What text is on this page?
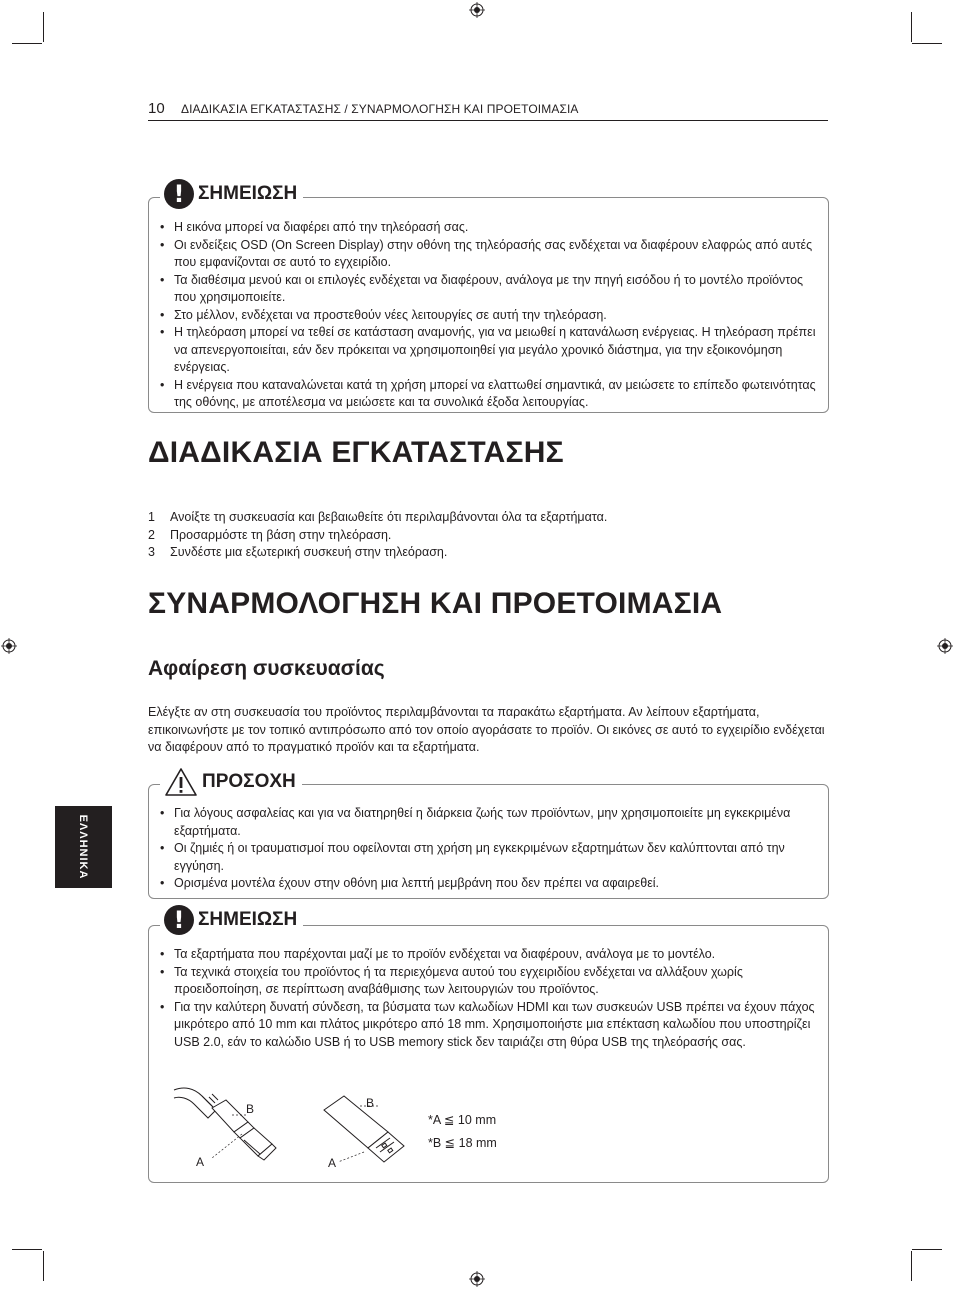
10 ΔΙΑΔΙΚΑΣΙΑ ΕΓΚΑΤΑΣΤΑΣΗΣ / ΣΥΝΑΡΜΟΛΟΓΗΣΗ ΚΑΙ ΠΡΟΕΤΟΙΜΑΣΙΑ
! ΣΗΜΕΙΩΣΗ
• Η εικόνα μπορεί να διαφέρει από την τηλεόρασή σας.
• Οι ενδείξεις OSD (On Screen Display) στην οθόνη της τηλεόρασής σας ενδέχεται να διαφέρουν ελαφρώς από αυτές που εμφανίζονται σε αυτό το εγχειρίδιο.
• Τα διαθέσιμα μενού και οι επιλογές ενδέχεται να διαφέρουν, ανάλογα με την πηγή εισόδου ή το μοντέλο προϊόντος που χρησιμοποιείτε.
• Στο μέλλον, ενδέχεται να προστεθούν νέες λειτουργίες σε αυτή την τηλεόραση.
• Η τηλεόραση μπορεί να τεθεί σε κατάσταση αναμονής, για να μειωθεί η κατανάλωση ενέργειας. Η τηλεόραση πρέπει να απενεργοποιείται, εάν δεν πρόκειται να χρησιμοποιηθεί για μεγάλο χρονικό διάστημα, για την εξοικονόμηση ενέργειας.
• Η ενέργεια που καταναλώνεται κατά τη χρήση μπορεί να ελαττωθεί σημαντικά, αν μειώσετε το επίπεδο φωτεινότητας της οθόνης, με αποτέλεσμα να μειώσετε και τα συνολικά έξοδα λειτουργίας.
ΔΙΑΔΙΚΑΣΙΑ ΕΓΚΑΤΑΣΤΑΣΗΣ
1 Ανοίξτε τη συσκευασία και βεβαιωθείτε ότι περιλαμβάνονται όλα τα εξαρτήματα.
2 Προσαρμόστε τη βάση στην τηλεόραση.
3 Συνδέστε μια εξωτερική συσκευή στην τηλεόραση.
ΣΥΝΑΡΜΟΛΟΓΗΣΗ ΚΑΙ ΠΡΟΕΤΟΙΜΑΣΙΑ
Αφαίρεση συσκευασίας

Ελέγξτε αν στη συσκευασία του προϊόντος περιλαμβάνονται τα παρακάτω εξαρτήματα. Αν λείπουν εξαρτήματα, επικοινωνήστε με τον τοπικό αντιπρόσωπο από τον οποίο αγοράσατε το προϊόν. Οι εικόνες σε αυτό το εγχειρίδιο ενδέχεται να διαφέρουν από το πραγματικό προϊόν και τα εξαρτήματα.

ΠΡΟΣΟΧΗ
• Για λόγους ασφαλείας και για να διατηρηθεί η διάρκεια ζωής των προϊόντων, μην χρησιμοποιείτε μη εγκεκριμένα εξαρτήματα.
• Οι ζημιές ή οι τραυματισμοί που οφείλονται στη χρήση μη εγκεκριμένων εξαρτημάτων δεν καλύπτονται από την εγγύηση.
• Ορισμένα μοντέλα έχουν στην οθόνη μια λεπτή μεμβράνη που δεν πρέπει να αφαιρεθεί.
ΕΛΛΗΝΙΚΑ
! ΣΗΜΕΙΩΣΗ
• Τα εξαρτήματα που παρέχονται μαζί με το προϊόν ενδέχεται να διαφέρουν, ανάλογα με το μοντέλο.
• Τα τεχνικά στοιχεία του προϊόντος ή τα περιεχόμενα αυτού του εγχειριδίου ενδέχεται να αλλάξουν χωρίς προειδοποίηση, σε περίπτωση αναβάθμισης των λειτουργιών του προϊόντος.
• Για την καλύτερη δυνατή σύνδεση, τα βύσματα των καλωδίων HDMI και των συσκευών USB πρέπει να έχουν πάχος μικρότερο από 10 mm και πλάτος μικρότερο από 18 mm. Χρησιμοποιήστε μια επέκταση καλωδίου που υποστηρίζει USB 2.0, εάν το καλώδιο USB ή το USB memory stick δεν ταιριάζει στη θύρα USB της τηλεόρασής σας.
B
A
B
A
*A ≦ 10 mm
*B ≦ 18 mm
